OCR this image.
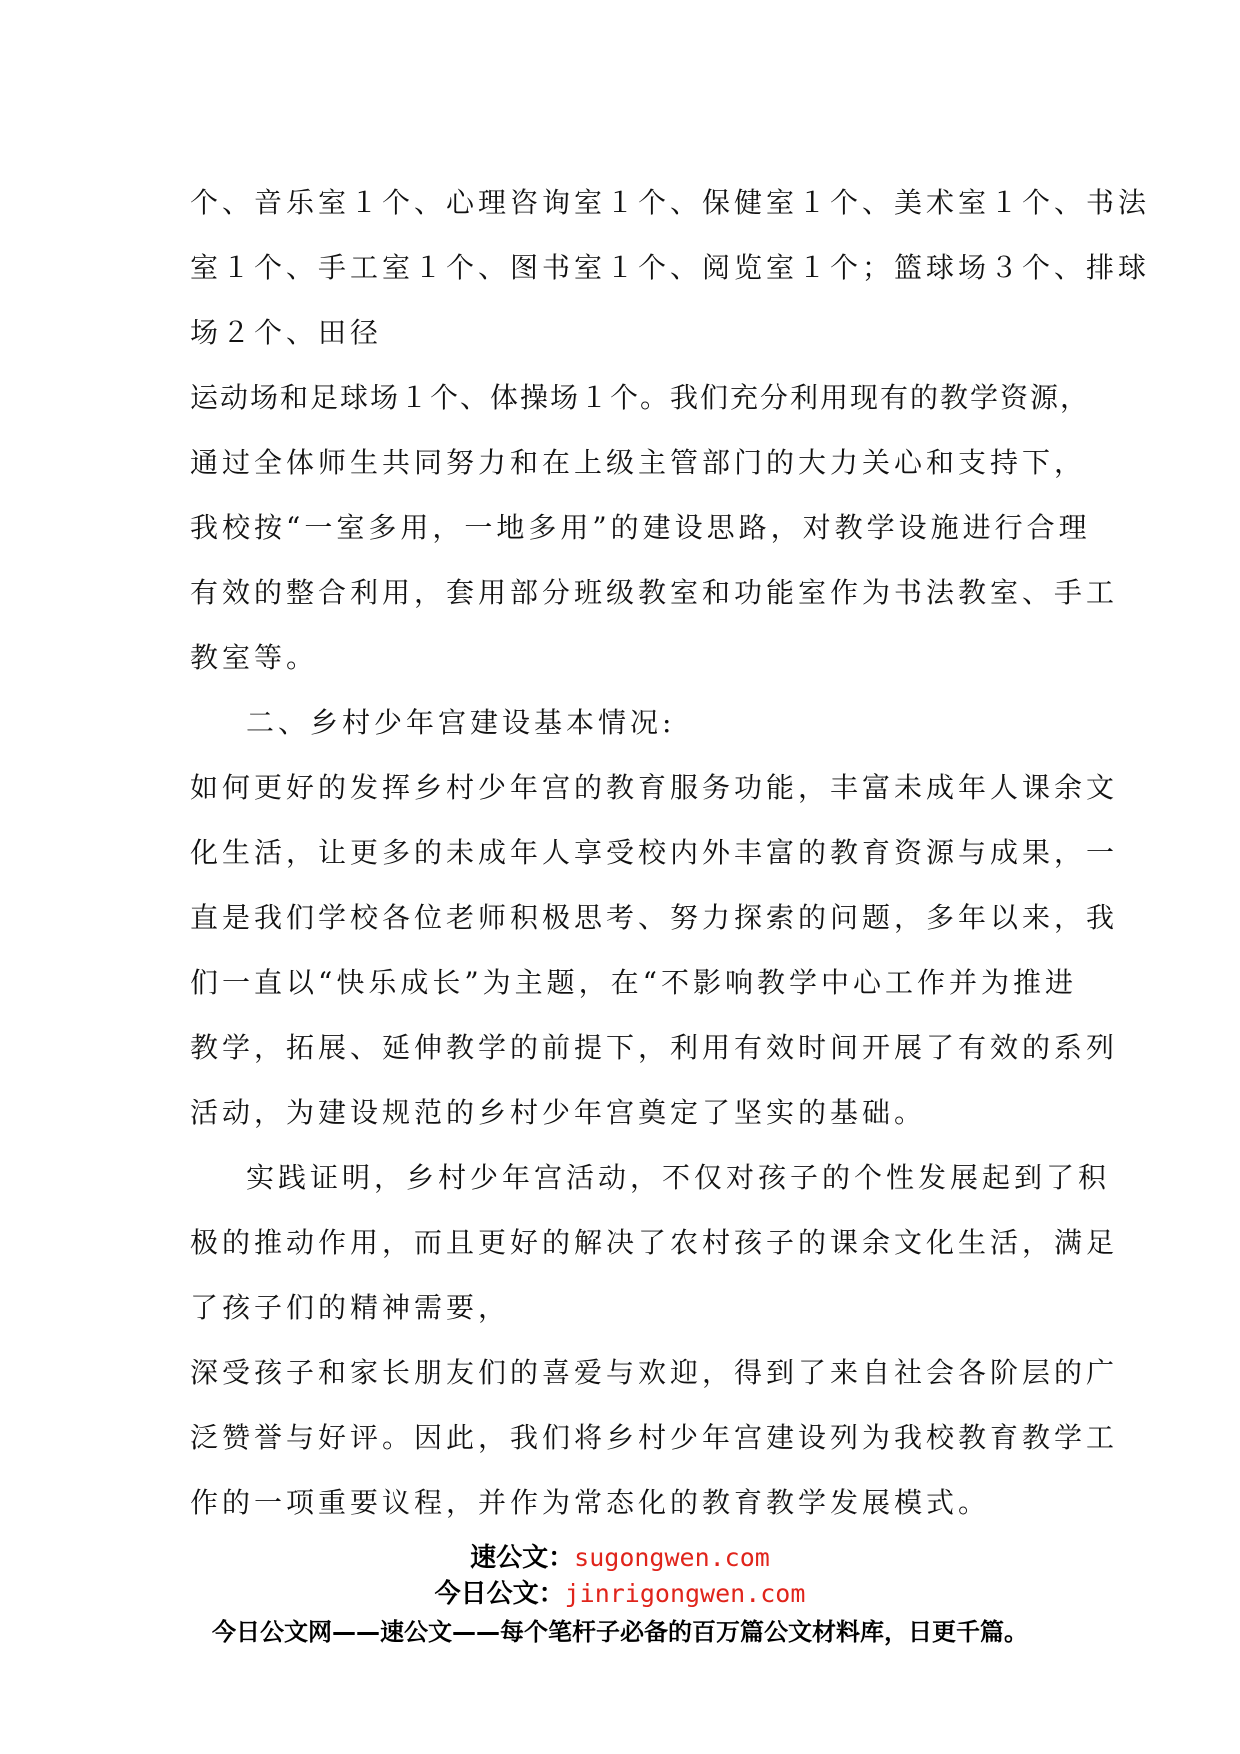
个、音乐室１个、心理咨询室１个、保健室１个、美术室１个、书法
室１个、手工室１个、图书室１个、阅览室１个；篮球场３个、排球
场２个、田径
运动场和足球场１个、体操场１个。我们充分利用现有的教学资源，
通过全体师生共同努力和在上级主管部门的大力关心和支持下，
我校按“一室多用，一地多用”的建设思路，对教学设施进行合理
有效的整合利用，套用部分班级教室和功能室作为书法教室、手工
教室等。
二、乡村少年宫建设基本情况:
如何更好的发挥乡村少年宫的教育服务功能，丰富未成年人课余文
化生活，让更多的未成年人享受校内外丰富的教育资源与成果，一
直是我们学校各位老师积极思考、努力探索的问题，多年以来，我
们一直以“快乐成长”为主题，在“不影响教学中心工作并为推进
教学，拓展、延伸教学的前提下，利用有效时间开展了有效的系列
活动，为建设规范的乡村少年宫奠定了坚实的基础。
实践证明，乡村少年宫活动，不仅对孩子的个性发展起到了积
极的推动作用，而且更好的解决了农村孩子的课余文化生活，满足
了孩子们的精神需要，
深受孩子和家长朋友们的喜爱与欢迎，得到了来自社会各阶层的广
泛赞誉与好评。因此，我们将乡村少年宫建设列为我校教育教学工
作的一项重要议程，并作为常态化的教育教学发展模式。
速公文：sugongwen.com
今日公文：jinrigongwen.com
今日公文网——速公文——每个笔杆子必备的百万篇公文材料库，日更千篇。
